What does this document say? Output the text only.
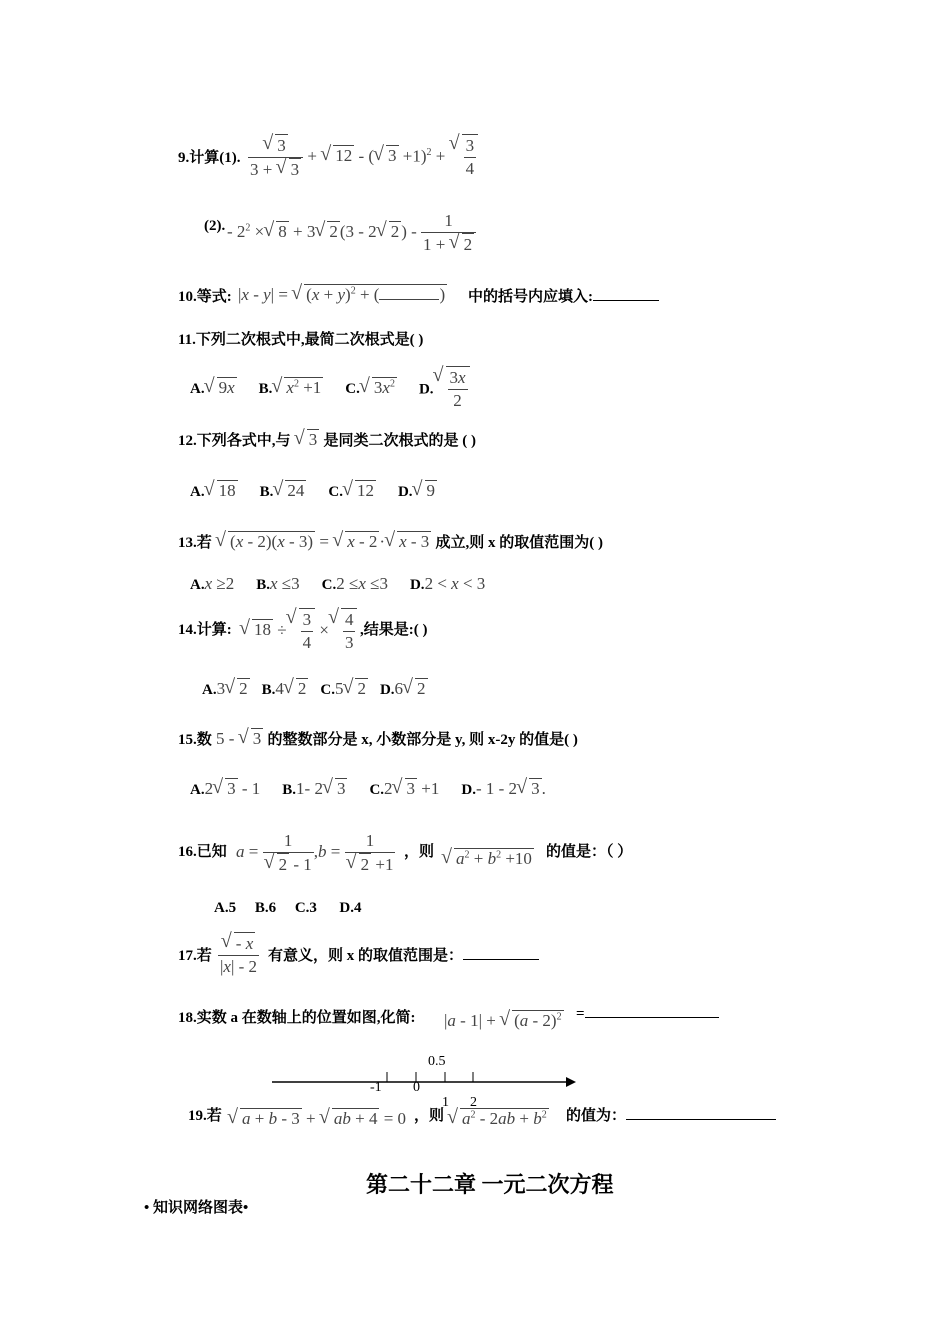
9.计算(1). √ $\frac{3}{3 + √ 3}$ + √ 12 - ( √ 3 +1)$^2$ + √ $\frac{3}{4}$
(2). - $2^2$ × √ 8 + 3 √ 2 (3 - 2 √ 2 ) - $\frac{1}{1 + √ 2}$
10.等式: |x - y| = √ $(x + y)^2$ + (	) 中的括号内应填入:
11.下列二次根式中,最简二次根式是( )
A. √ 9x B. √ $x^2 +1$ C. √ $3x^2$ D. √ $\frac{3x}{2}$
12.下列各式中,与 √ 3 是同类二次根式的是 ( )
A. √ 18 B. √ 24 C. √ 12 D. √ 9
13.若 √ (x - 2)(x - 3) = √ x - 2 · √ x - 3 成立,则 x 的取值范围为( )
A.x ≥2 B.x ≤3 C.2 ≤x ≤3 D.2 < x < 3
14.计算:	√ 18 ÷ √ $\frac{3}{4}$ × √ $\frac{4}{3}$ ,结果是:( )
A.3 √ 2 B.4 √ 2 C.5 √ 2 D.6 √ 2
15.数 5 - √ 3 的整数部分是 x, 小数部分是 y, 则 x-2y 的值是( )
A.2 √ 3 - 1 B.1- 2 √ 3 C.2 √ 3 +1 D.- 1 - 2 √ 3 .
16.已知 a = 1
√ 2 - 1 ,b = 1
√ 2 +1 ，则	√ $a^2 + b^2 +10$ 的值是：（ ）
A.5     B.6     C.3      D.4
17.若 √ $\frac{- x}{|x| - 2}$ 有意义，则 x 的取值范围是：
18.实数 a 在数轴上的位置如图,化简: |a - 1| + √ (a - 2)$^2$ =
-1 0
0.5
1 2
19.若	√ a + b - 3 + √ ab + 4 = 0 ，则	√ $a^2 - 2ab + b^2$ 的值为：
第二十二章 一元二次方程
• 知识网络图表•
